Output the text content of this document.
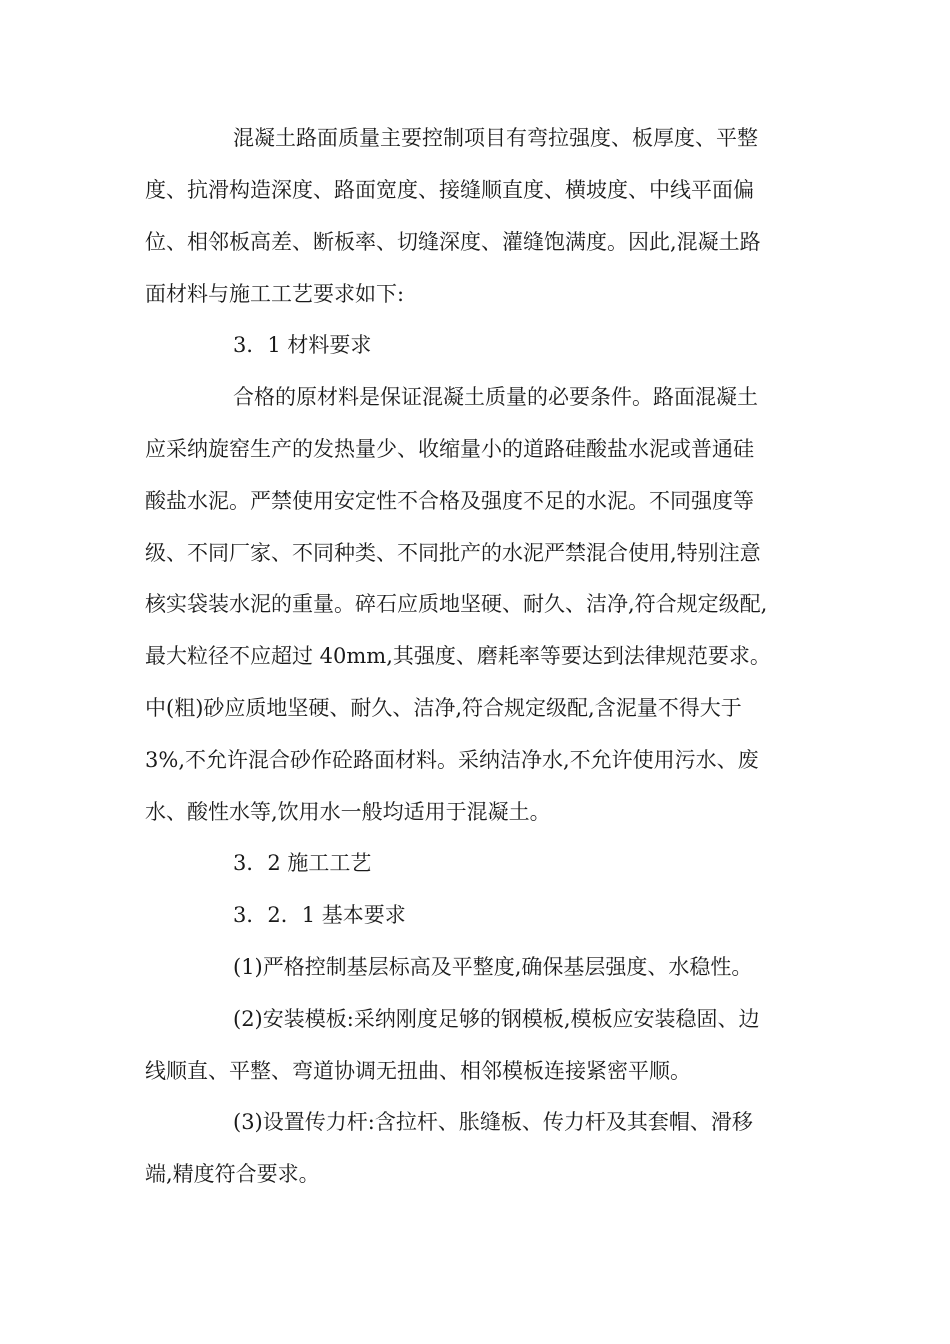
混凝土路面质量主要控制项目有弯拉强度、板厚度、平整

度、抗滑构造深度、路面宽度、接缝顺直度、横坡度、中线平面偏

位、相邻板高差、断板率、切缝深度、灌缝饱满度。因此,混凝土路

面材料与施工工艺要求如下:

3．1 材料要求

合格的原材料是保证混凝土质量的必要条件。路面混凝土

应采纳旋窑生产的发热量少、收缩量小的道路硅酸盐水泥或普通硅

酸盐水泥。严禁使用安定性不合格及强度不足的水泥。不同强度等

级、不同厂家、不同种类、不同批产的水泥严禁混合使用,特别注意

核实袋装水泥的重量。碎石应质地坚硬、耐久、洁净,符合规定级配,

最大粒径不应超过 40mm,其强度、磨耗率等要达到法律规范要求。

中(粗)砂应质地坚硬、耐久、洁净,符合规定级配,含泥量不得大于

3%,不允许混合砂作砼路面材料。采纳洁净水,不允许使用污水、废

水、酸性水等,饮用水一般均适用于混凝土。

3．2 施工工艺

3．2．1 基本要求

(1)严格控制基层标高及平整度,确保基层强度、水稳性。

(2)安装模板:采纳刚度足够的钢模板,模板应安装稳固、边

线顺直、平整、弯道协调无扭曲、相邻模板连接紧密平顺。

(3)设置传力杆:含拉杆、胀缝板、传力杆及其套帽、滑移

端,精度符合要求。
